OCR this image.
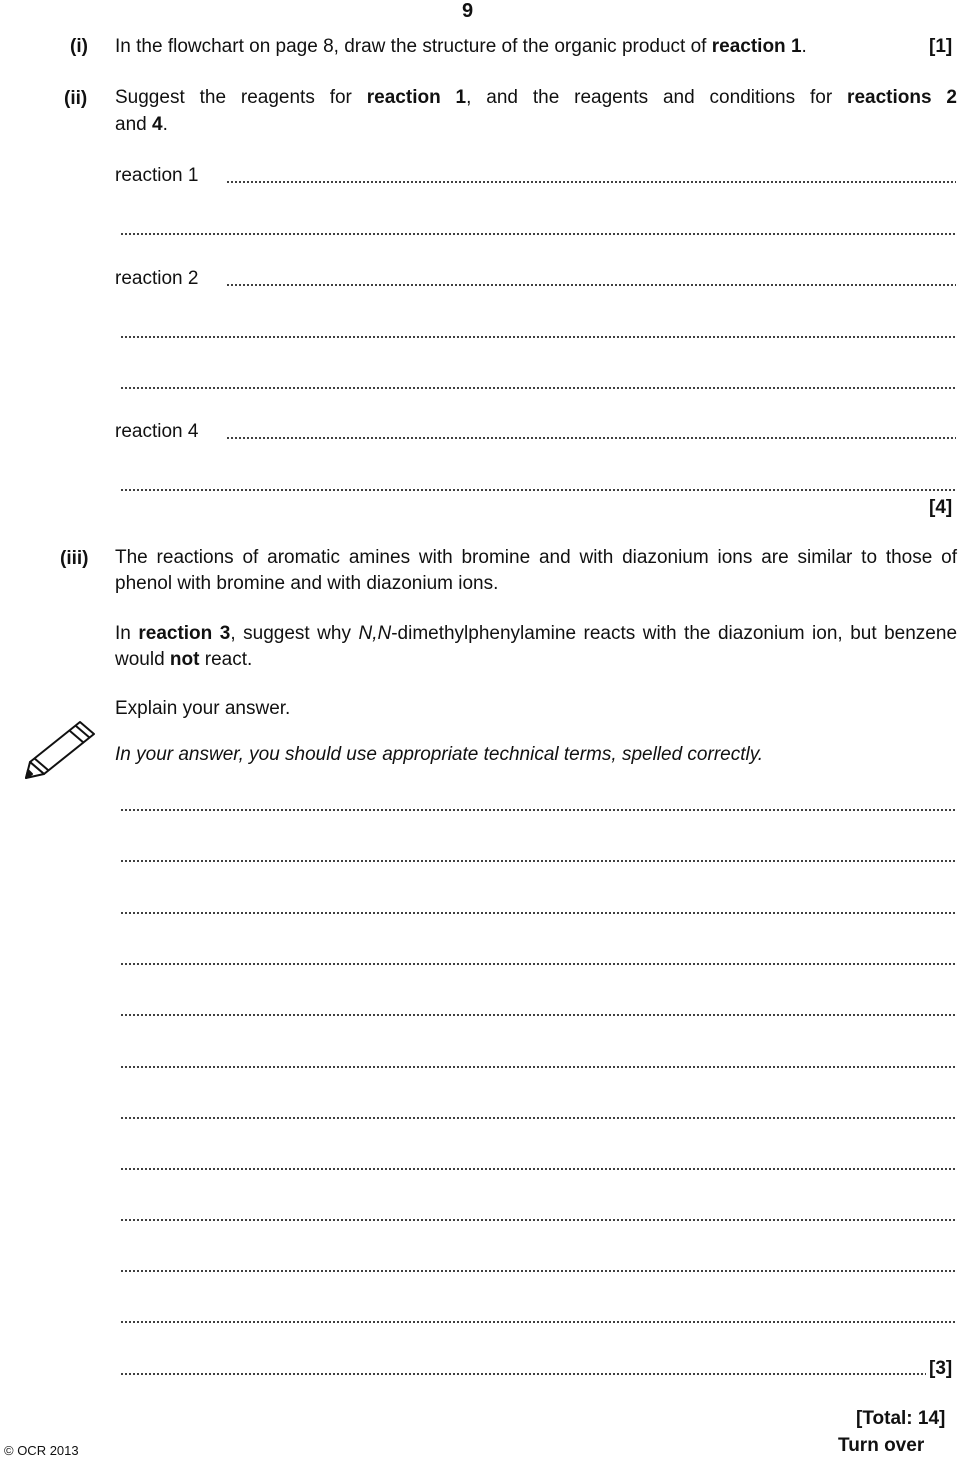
9
(i) In the flowchart on page 8, draw the structure of the organic product of reaction 1.	[1]
(ii) Suggest the reagents for reaction 1, and the reagents and conditions for reactions 2
and 4.
reaction 1
reaction 2
reaction 4
[4]
(iii) The reactions of aromatic amines with bromine and with diazonium ions are similar to those of phenol with bromine and with diazonium ions.
In reaction 3, suggest why N,N-dimethylphenylamine reacts with the diazonium ion, but benzene would not react.
Explain your answer.
In your answer, you should use appropriate technical terms, spelled correctly.
[3]
[Total: 14]
© OCR 2013	Turn over
